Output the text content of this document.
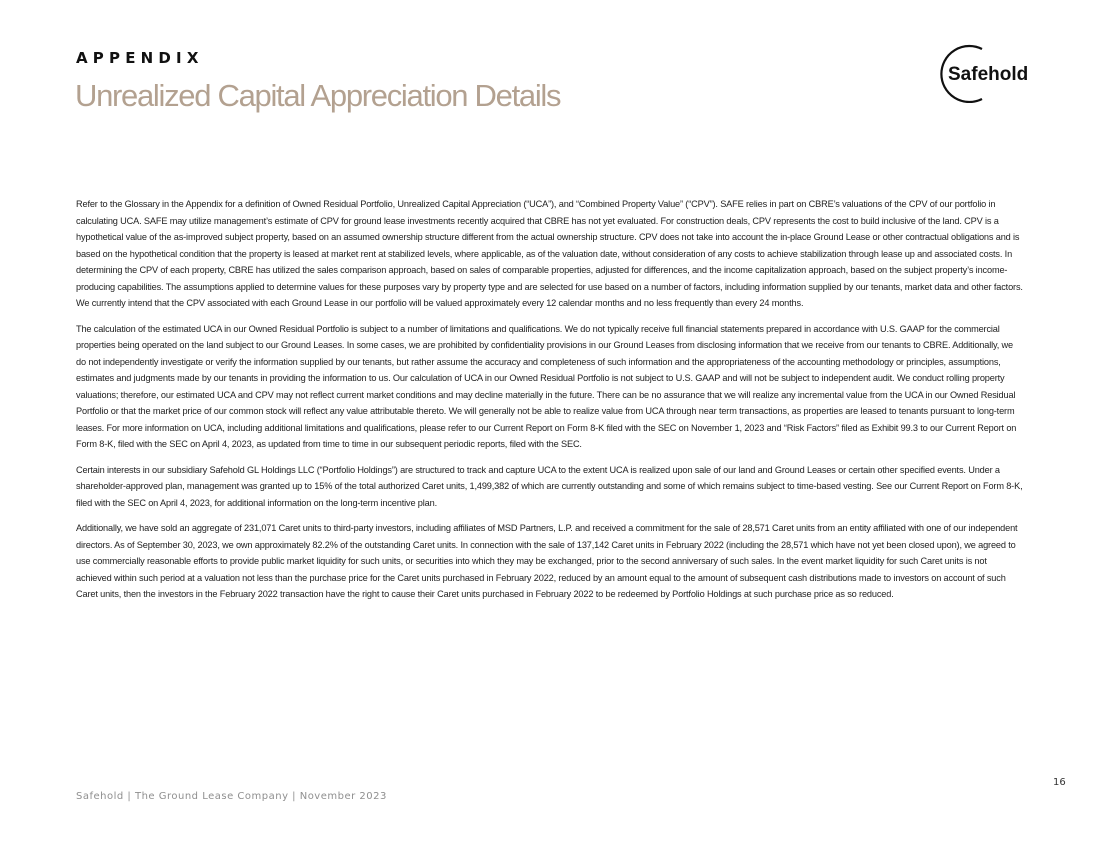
APPENDIX
Unrealized Capital Appreciation Details
Safehold

Refer to the Glossary in the Appendix for a definition of Owned Residual Portfolio, Unrealized Capital Appreciation (“UCA”), and “Combined Property Value” (“CPV”). SAFE relies in part on CBRE’s valuations of the CPV of our portfolio in calculating UCA. SAFE may utilize management’s estimate of CPV for ground lease investments recently acquired that CBRE has not yet evaluated. For construction deals, CPV represents the cost to build inclusive of the land. CPV is a hypothetical value of the as-improved subject property, based on an assumed ownership structure different from the actual ownership structure. CPV does not take into account the in-place Ground Lease or other contractual obligations and is based on the hypothetical condition that the property is leased at market rent at stabilized levels, where applicable, as of the valuation date, without consideration of any costs to achieve stabilization through lease up and associated costs. In determining the CPV of each property, CBRE has utilized the sales comparison approach, based on sales of comparable properties, adjusted for differences, and the income capitalization approach, based on the subject property’s income-producing capabilities. The assumptions applied to determine values for these purposes vary by property type and are selected for use based on a number of factors, including information supplied by our tenants, market data and other factors. We currently intend that the CPV associated with each Ground Lease in our portfolio will be valued approximately every 12 calendar months and no less frequently than every 24 months.

The calculation of the estimated UCA in our Owned Residual Portfolio is subject to a number of limitations and qualifications. We do not typically receive full financial statements prepared in accordance with U.S. GAAP for the commercial properties being operated on the land subject to our Ground Leases. In some cases, we are prohibited by confidentiality provisions in our Ground Leases from disclosing information that we receive from our tenants to CBRE. Additionally, we do not independently investigate or verify the information supplied by our tenants, but rather assume the accuracy and completeness of such information and the appropriateness of the accounting methodology or principles, assumptions, estimates and judgments made by our tenants in providing the information to us. Our calculation of UCA in our Owned Residual Portfolio is not subject to U.S. GAAP and will not be subject to independent audit. We conduct rolling property valuations; therefore, our estimated UCA and CPV may not reflect current market conditions and may decline materially in the future. There can be no assurance that we will realize any incremental value from the UCA in our Owned Residual Portfolio or that the market price of our common stock will reflect any value attributable thereto. We will generally not be able to realize value from UCA through near term transactions, as properties are leased to tenants pursuant to long-term leases. For more information on UCA, including additional limitations and qualifications, please refer to our Current Report on Form 8-K filed with the SEC on November 1, 2023 and “Risk Factors” filed as Exhibit 99.3 to our Current Report on Form 8-K, filed with the SEC on April 4, 2023, as updated from time to time in our subsequent periodic reports, filed with the SEC.

Certain interests in our subsidiary Safehold GL Holdings LLC (“Portfolio Holdings”) are structured to track and capture UCA to the extent UCA is realized upon sale of our land and Ground Leases or certain other specified events. Under a shareholder-approved plan, management was granted up to 15% of the total authorized Caret units, 1,499,382 of which are currently outstanding and some of which remains subject to time-based vesting. See our Current Report on Form 8-K, filed with the SEC on April 4, 2023, for additional information on the long-term incentive plan.

Additionally, we have sold an aggregate of 231,071 Caret units to third-party investors, including affiliates of MSD Partners, L.P. and received a commitment for the sale of 28,571 Caret units from an entity affiliated with one of our independent directors. As of September 30, 2023, we own approximately 82.2% of the outstanding Caret units. In connection with the sale of 137,142 Caret units in February 2022 (including the 28,571 which have not yet been closed upon), we agreed to use commercially reasonable efforts to provide public market liquidity for such units, or securities into which they may be exchanged, prior to the second anniversary of such sales. In the event market liquidity for such Caret units is not achieved within such period at a valuation not less than the purchase price for the Caret units purchased in February 2022, reduced by an amount equal to the amount of subsequent cash distributions made to investors on account of such Caret units, then the investors in the February 2022 transaction have the right to cause their Caret units purchased in February 2022 to be redeemed by Portfolio Holdings at such purchase price as so reduced.

Safehold | The Ground Lease Company | November 2023
16
